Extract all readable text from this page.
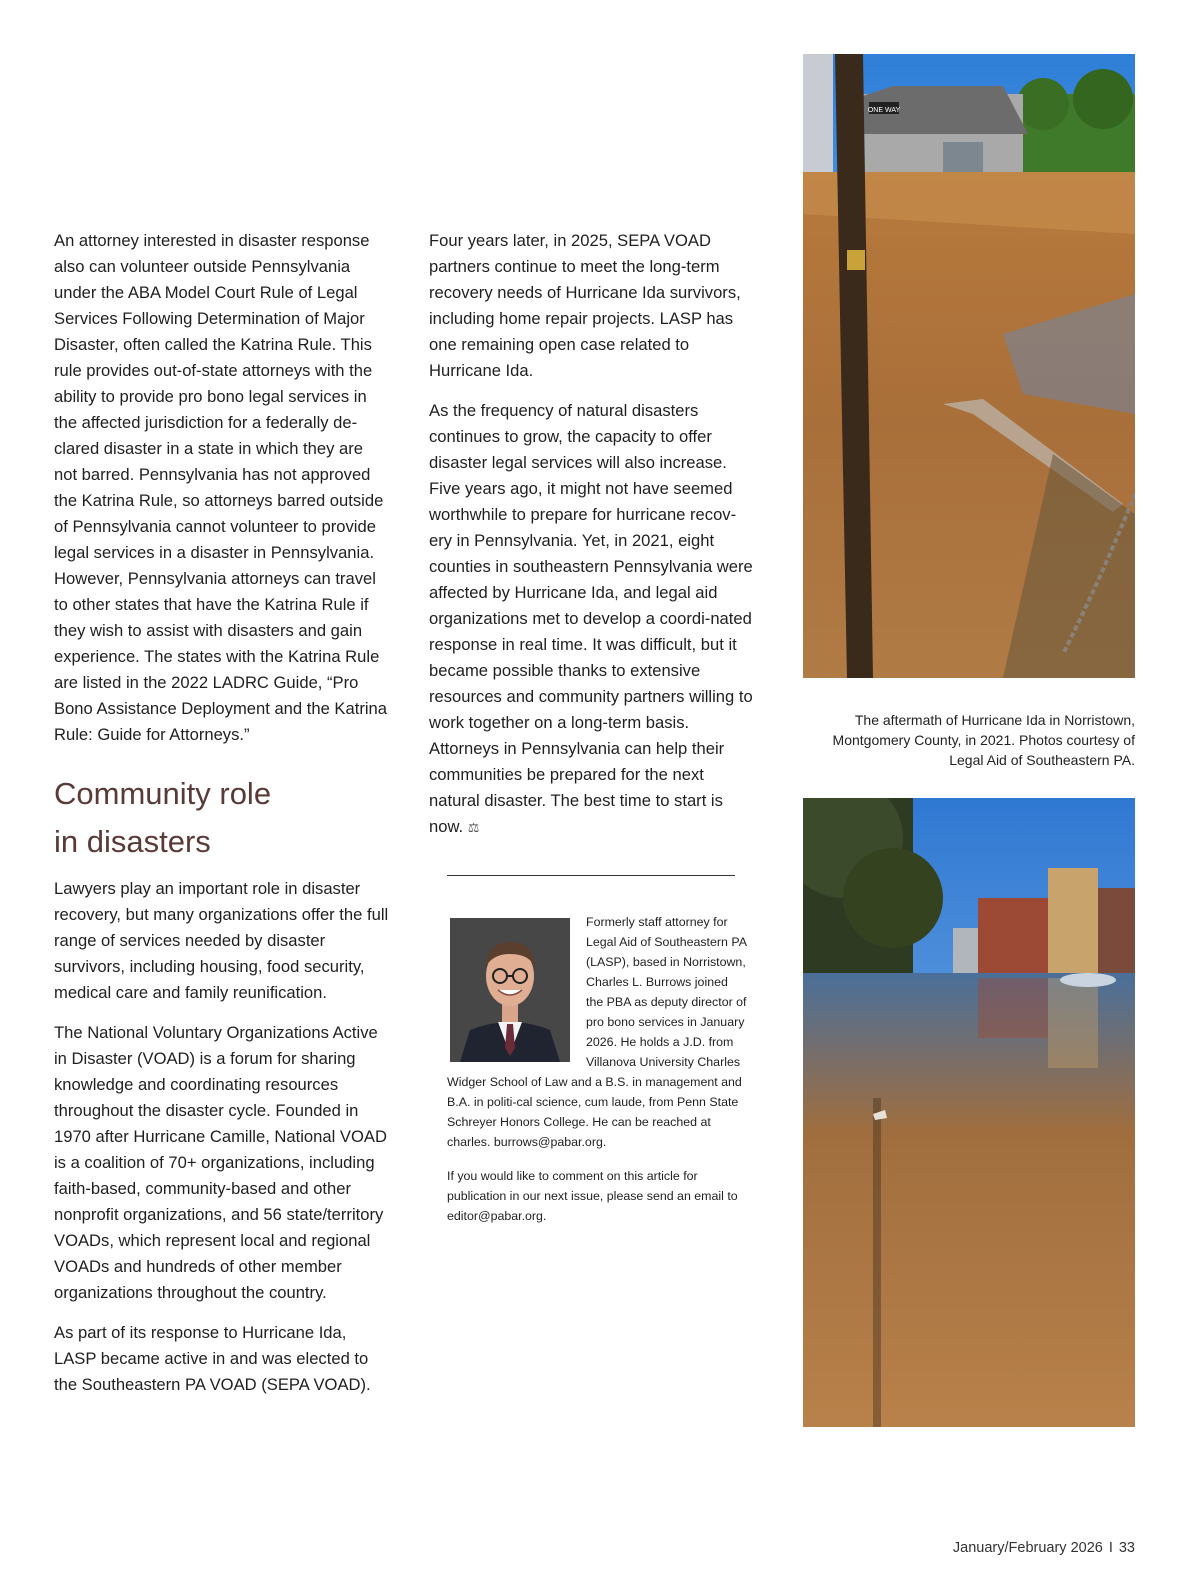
An attorney interested in disaster response also can volunteer outside Pennsylvania under the ABA Model Court Rule of Legal Services Following Determination of Major Disaster, often called the Katrina Rule. This rule provides out-of-state attorneys with the ability to provide pro bono legal services in the affected jurisdiction for a federally de-clared disaster in a state in which they are not barred. Pennsylvania has not approved the Katrina Rule, so attorneys barred outside of Pennsylvania cannot volunteer to provide legal services in a disaster in Pennsylvania. However, Pennsylvania attorneys can travel to other states that have the Katrina Rule if they wish to assist with disasters and gain experience. The states with the Katrina Rule are listed in the 2022 LADRC Guide, “Pro Bono Assistance Deployment and the Katrina Rule: Guide for Attorneys.”

Community role
in disasters

Lawyers play an important role in disaster recovery, but many organizations offer the full range of services needed by disaster survivors, including housing, food security, medical care and family reunification.

The National Voluntary Organizations Active in Disaster (VOAD) is a forum for sharing knowledge and coordinating resources throughout the disaster cycle. Founded in 1970 after Hurricane Camille, National VOAD is a coalition of 70+ organizations, including faith-based, community-based and other nonprofit organizations, and 56 state/territory VOADs, which represent local and regional VOADs and hundreds of other member organizations throughout the country.

As part of its response to Hurricane Ida, LASP became active in and was elected to the Southeastern PA VOAD (SEPA VOAD).

Four years later, in 2025, SEPA VOAD partners continue to meet the long-term recovery needs of Hurricane Ida survivors, including home repair projects. LASP has one remaining open case related to Hurricane Ida.

As the frequency of natural disasters continues to grow, the capacity to offer disaster legal services will also increase. Five years ago, it might not have seemed worthwhile to prepare for hurricane recov-ery in Pennsylvania. Yet, in 2021, eight counties in southeastern Pennsylvania were affected by Hurricane Ida, and legal aid organizations met to develop a coordi-nated response in real time. It was difficult, but it became possible thanks to extensive resources and community partners willing to work together on a long-term basis. Attorneys in Pennsylvania can help their communities be prepared for the next natural disaster. The best time to start is now. ⚖

Formerly staff attorney for Legal Aid of Southeastern PA (LASP), based in Norristown, Charles L. Burrows joined the PBA as deputy director of pro bono services in January 2026. He holds a J.D. from Villanova University Charles Widger School of Law and a B.S. in management and B.A. in politi-cal science, cum laude, from Penn State Schreyer Honors College. He can be reached at charles. burrows@pabar.org.

If you would like to comment on this article for publication in our next issue, please send an email to editor@pabar.org.

ONE WAY
The aftermath of Hurricane Ida in Norristown, Montgomery County, in 2021. Photos courtesy of Legal Aid of Southeastern PA.
January/February 2026 I 33
